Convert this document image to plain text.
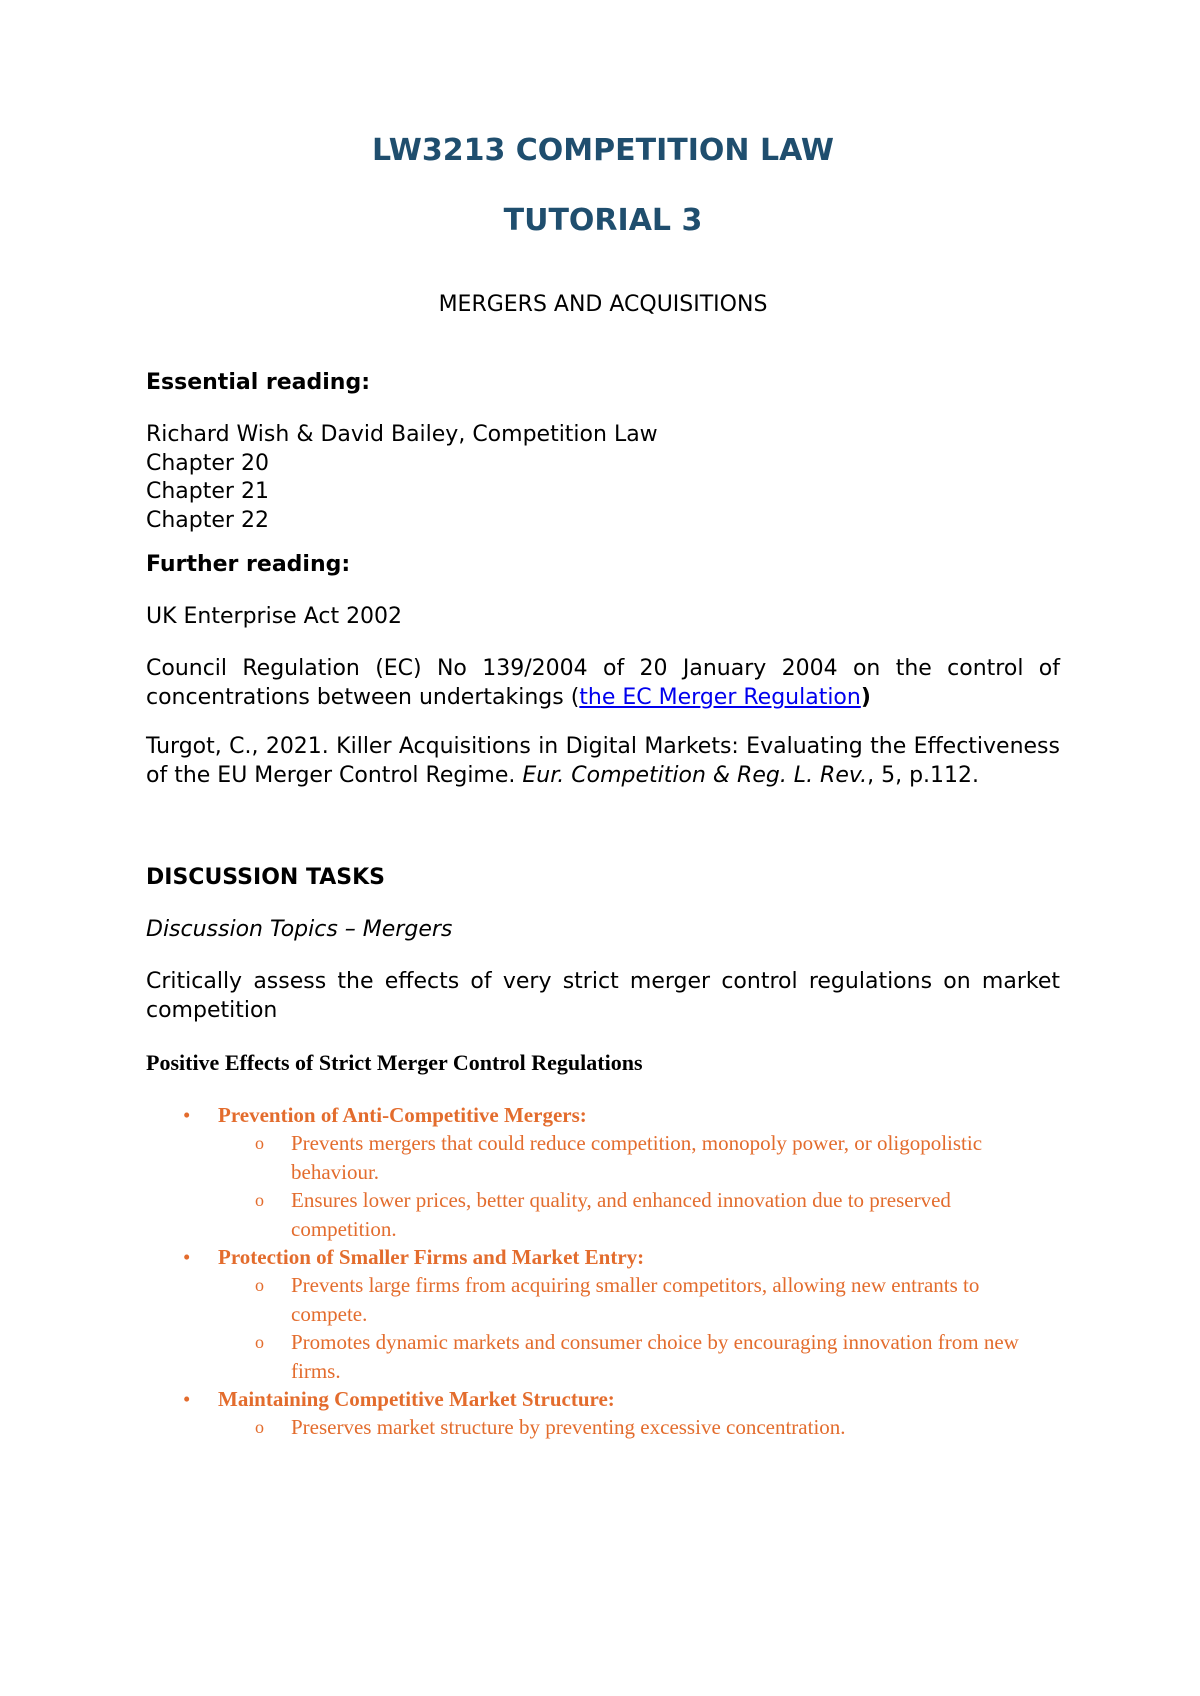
LW3213 COMPETITION LAW
TUTORIAL 3
MERGERS AND ACQUISITIONS

Essential reading:

Richard Wish & David Bailey, Competition Law
Chapter 20
Chapter 21
Chapter 22

Further reading:

UK Enterprise Act 2002

Council Regulation (EC) No 139/2004 of 20 January 2004 on the control of concentrations between undertakings (the EC Merger Regulation)

Turgot, C., 2021. Killer Acquisitions in Digital Markets: Evaluating the Effectiveness of the EU Merger Control Regime. Eur. Competition & Reg. L. Rev., 5, p.112.

DISCUSSION TASKS

Discussion Topics – Mergers

Critically assess the effects of very strict merger control regulations on market competition

Positive Effects of Strict Merger Control Regulations
• Prevention of Anti-Competitive Mergers:
o Prevents mergers that could reduce competition, monopoly power, or oligopolistic behaviour.
o Ensures lower prices, better quality, and enhanced innovation due to preserved competition.
• Protection of Smaller Firms and Market Entry:
o Prevents large firms from acquiring smaller competitors, allowing new entrants to compete.
o Promotes dynamic markets and consumer choice by encouraging innovation from new firms.
• Maintaining Competitive Market Structure:
o Preserves market structure by preventing excessive concentration.
